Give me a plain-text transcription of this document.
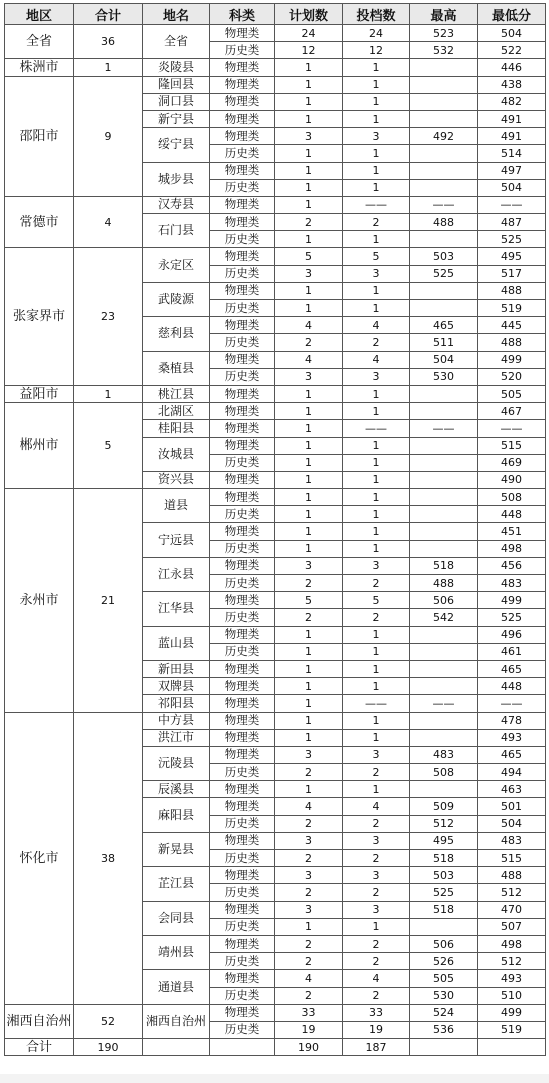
地区	合计	地名	科类	计划数	投档数	最高	最低分
全省	36	全省	物理类	24	24	523	504
			历史类	12	12	532	522
株洲市	1	炎陵县	物理类	1	1		446
邵阳市	9	隆回县	物理类	1	1		438
		洞口县	物理类	1	1		482
		新宁县	物理类	1	1		491
		绥宁县	物理类	3	3	492	491
			历史类	1	1		514
		城步县	物理类	1	1		497
			历史类	1	1		504
常德市	4	汉寿县	物理类	1	——	——	——
		石门县	物理类	2	2	488	487
			历史类	1	1		525
张家界市	23	永定区	物理类	5	5	503	495
			历史类	3	3	525	517
		武陵源	物理类	1	1		488
			历史类	1	1		519
		慈利县	物理类	4	4	465	445
			历史类	2	2	511	488
		桑植县	物理类	4	4	504	499
			历史类	3	3	530	520
益阳市	1	桃江县	物理类	1	1		505
郴州市	5	北湖区	物理类	1	1		467
		桂阳县	物理类	1	——	——	——
		汝城县	物理类	1	1		515
			历史类	1	1		469
		资兴县	物理类	1	1		490
永州市	21	道县	物理类	1	1		508
			历史类	1	1		448
		宁远县	物理类	1	1		451
			历史类	1	1		498
		江永县	物理类	3	3	518	456
			历史类	2	2	488	483
		江华县	物理类	5	5	506	499
			历史类	2	2	542	525
		蓝山县	物理类	1	1		496
			历史类	1	1		461
		新田县	物理类	1	1		465
		双牌县	物理类	1	1		448
		祁阳县	物理类	1	——	——	——
怀化市	38	中方县	物理类	1	1		478
		洪江市	物理类	1	1		493
		沅陵县	物理类	3	3	483	465
			历史类	2	2	508	494
		辰溪县	物理类	1	1		463
		麻阳县	物理类	4	4	509	501
			历史类	2	2	512	504
		新晃县	物理类	3	3	495	483
			历史类	2	2	518	515
		芷江县	物理类	3	3	503	488
			历史类	2	2	525	512
		会同县	物理类	3	3	518	470
			历史类	1	1		507
		靖州县	物理类	2	2	506	498
			历史类	2	2	526	512
		通道县	物理类	4	4	505	493
			历史类	2	2	530	510
湘西自治州	52	湘西自治州	物理类	33	33	524	499
			历史类	19	19	536	519
合计	190			190	187		
